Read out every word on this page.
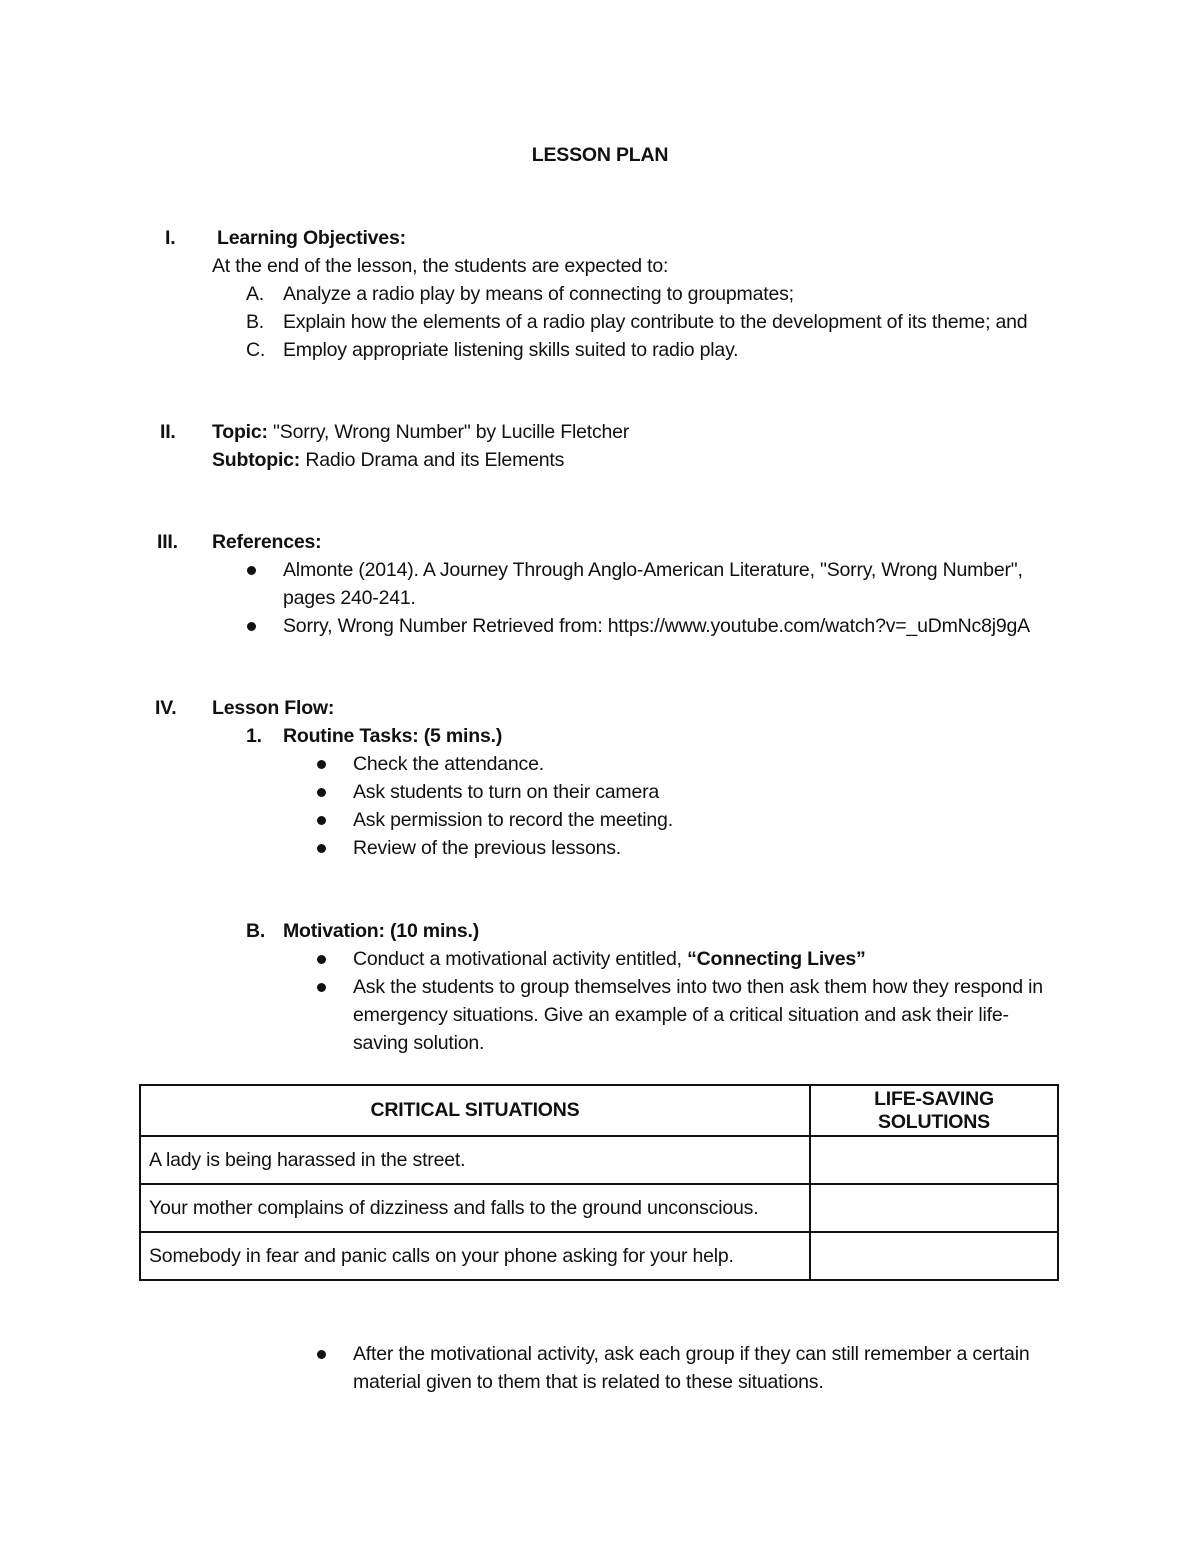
LESSON PLAN
I. Learning Objectives:
At the end of the lesson, the students are expected to:
A. Analyze a radio play by means of connecting to groupmates;
B. Explain how the elements of a radio play contribute to the development of its theme; and
C. Employ appropriate listening skills suited to radio play.
II. Topic: "Sorry, Wrong Number" by Lucille Fletcher
Subtopic: Radio Drama and its Elements
III. References:
Almonte (2014). A Journey Through Anglo-American Literature, "Sorry, Wrong Number",
pages 240-241.
Sorry, Wrong Number Retrieved from: https://www.youtube.com/watch?v=_uDmNc8j9gA
IV. Lesson Flow:
1. Routine Tasks: (5 mins.)
Check the attendance.
Ask students to turn on their camera
Ask permission to record the meeting.
Review of the previous lessons.
B. Motivation: (10 mins.)
Conduct a motivational activity entitled, “Connecting Lives”
Ask the students to group themselves into two then ask them how they respond in
emergency situations. Give an example of a critical situation and ask their life-
saving solution.
CRITICAL SITUATIONS	LIFE-SAVING SOLUTIONS
A lady is being harassed in the street.	
Your mother complains of dizziness and falls to the ground unconscious.	
Somebody in fear and panic calls on your phone asking for your help.	
After the motivational activity, ask each group if they can still remember a certain
material given to them that is related to these situations.
